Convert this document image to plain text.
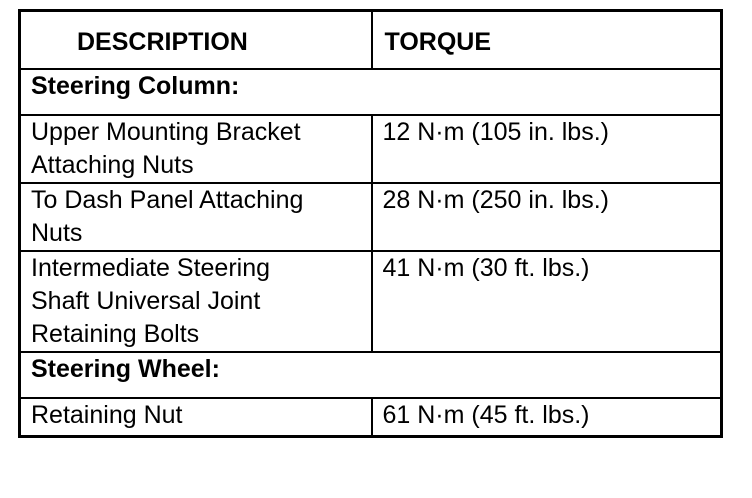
DESCRIPTION	TORQUE
Steering Column:	

Upper Mounting Bracket
Attaching Nuts	12 N·m (105 in. lbs.)

To Dash Panel Attaching
Nuts	28 N·m (250 in. lbs.)

Intermediate Steering
Shaft Universal Joint
Retaining Bolts	41 N·m (30 ft. lbs.)
Steering Wheel:	

Retaining Nut	61 N·m (45 ft. lbs.)
